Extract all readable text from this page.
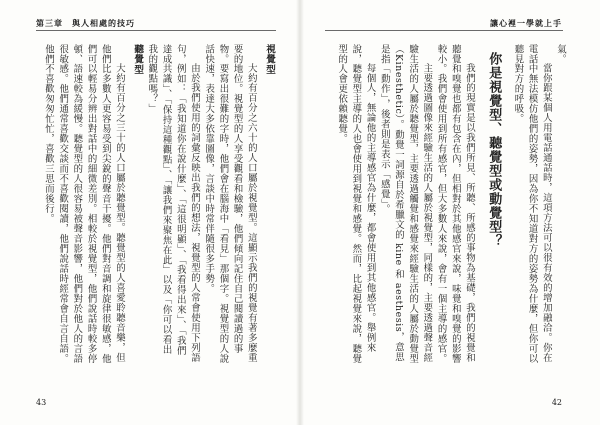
第三章　與人相處的技巧
視覺型

大約有百分之六十的人口屬於視覺型。這顯示我們的視覺有著多麼重要的地位。視覺型的人享受觀看和檢驗，他們傾向記住自己閱讀過的事物。要寫出很難的字時，他們會在腦海中「看見」那個字。視覺型的人說話快速，表達大多依靠圖像，言談中時常伴隨很多手勢。

由於我們使用的詞彙反映出我們的想法，視覺型的人常會使用下列語句，例如：「我知道你在說什麼」、「這很明顯」、「我看得出來」、「我們達成共識」、「保持這種觀點」、「讓我們來聚焦在此」以及「你可以看出我的觀點嗎？」

聽覺型

大約有百分之三十的人口屬於聽覺型。聽覺型的人喜愛聆聽音樂，但他們比多數人更容易受到尖銳的聲音干擾。他們對音調和旋律很敏感，他們可以輕易分辨出對話中的細微差別。相較於視覺型，他們說話時較多停頓、語速較為緩慢。聽覺型的人很容易被聲音影響，他們對於他人的言語很敏感。他們通常喜歡交談而不喜歡閱讀，他們說話時經常會自言自語。他們不喜歡匆匆忙忙，喜歡三思而後行。

43
讓心裡一學就上手

氣。

當你跟某個人用電話通話時，這項方法可以很有效的增加融洽。你在電話中無法模仿他們的姿勢，因為你不知道對方的姿勢為什麼，但你可以聽見對方的呼吸。

你是視覺型、聽覺型或動覺型？

我們的現實是以我們所見、所聽、所感的事物為基礎，我們的視覺和聽覺和嗅覺也都有包含在內，但相對於其他感官來說，味覺和嗅覺的影響較小。我們會使用到所有感官，但大多數人來說，會有一個主導的感官。

主要透過圖像來經驗生活的人屬於視覺型，同樣的，主要透過聲音經驗生活的人屬於聽覺型，主要透過觸覺和感覺來經驗生活的人屬於動覺型（Kinesthetic）。動覺一詞源自於希臘文的 kine 和 aesthesis，意思是指「動作」，後者則是表示「感覺」。

每個人，無論他的主導感官為什麼，都會使用到其他感官。舉例來說，聽覺型主導的人也會使用到視覺和感覺。然而，比起視覺來說，聽覺型的人會更依賴聽覺。

42
